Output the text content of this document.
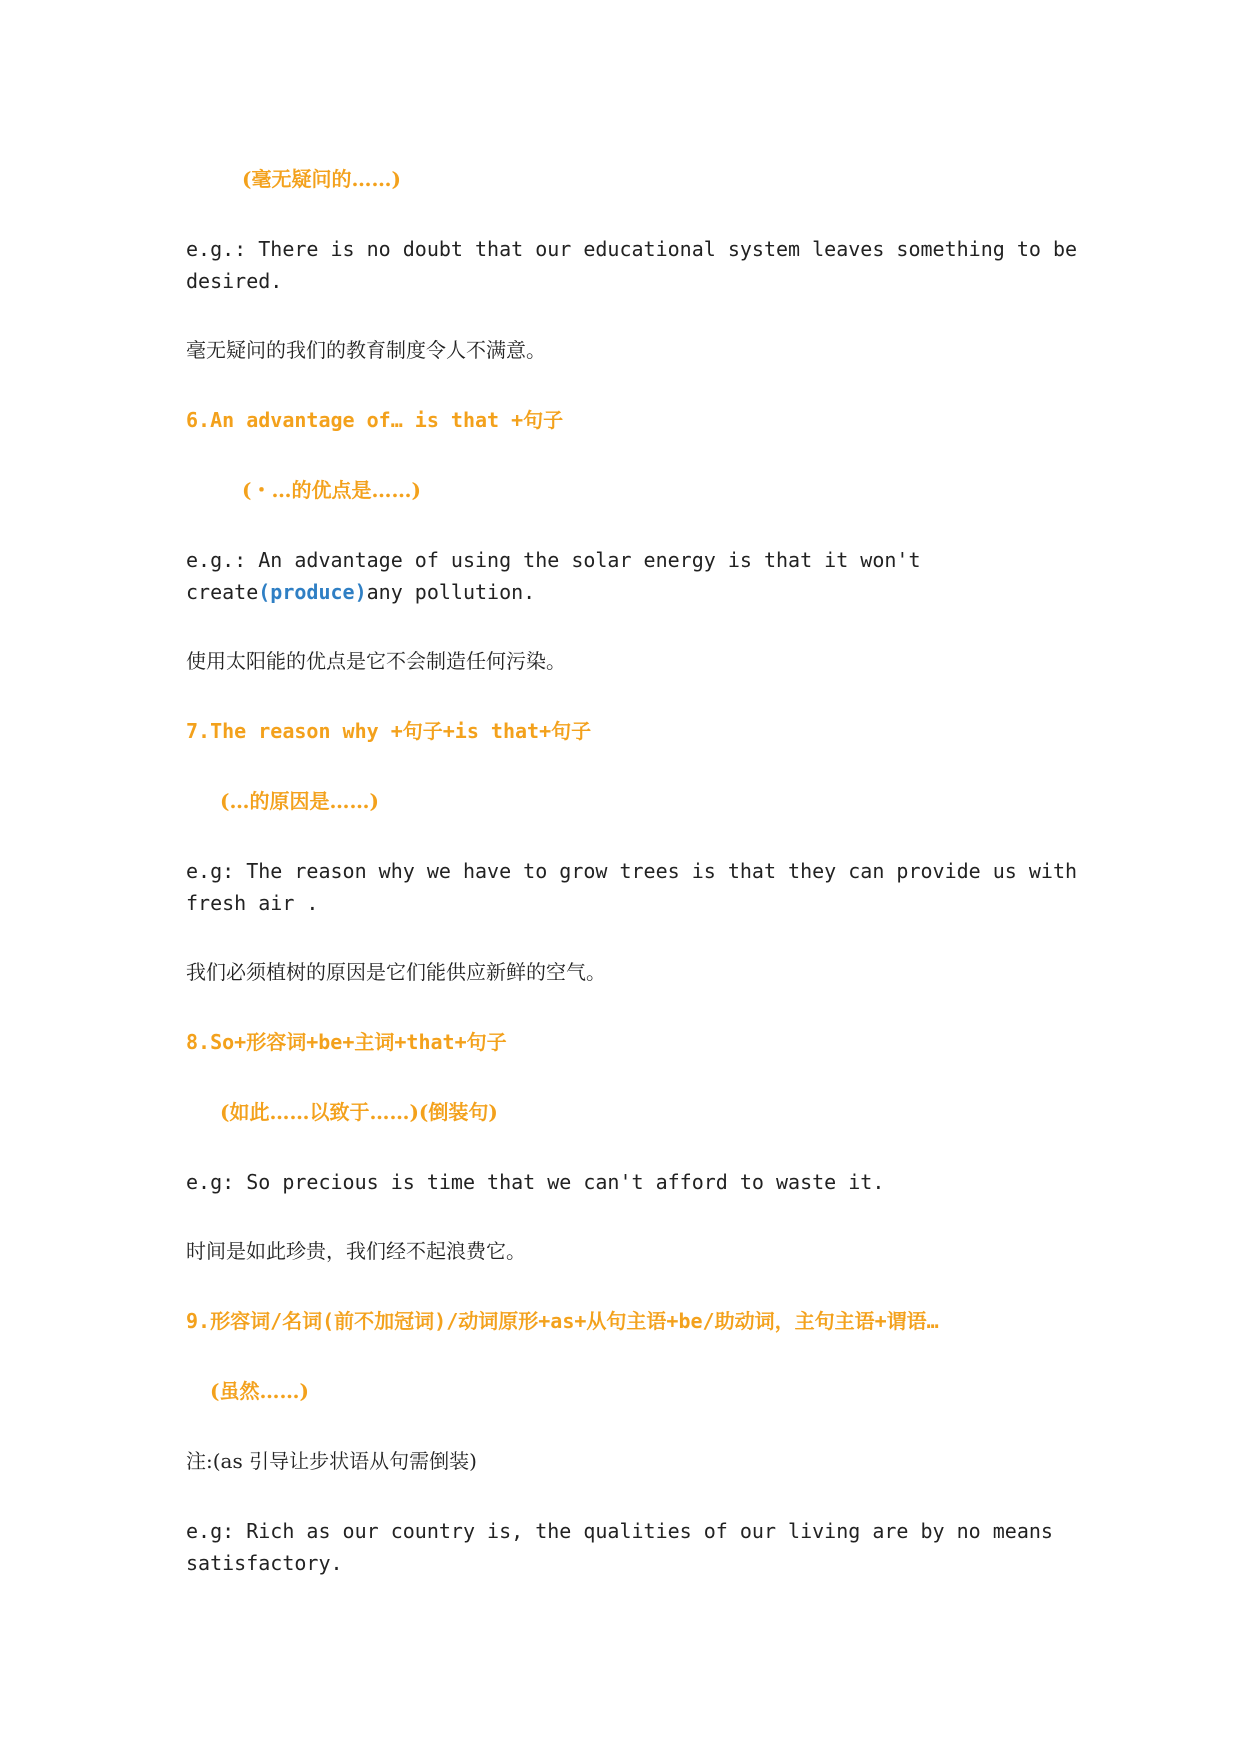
(毫无疑问的……)

e.g.: There is no doubt that our educational system leaves something to be

desired.

毫无疑问的我们的教育制度令人不满意。

6.An advantage of… is that +句子

(・…的优点是……)

e.g.: An advantage of using the solar energy is that it won't

create(produce)any pollution.

使用太阳能的优点是它不会制造任何污染。

7.The reason why +句子+is that+句子

(…的原因是……)

e.g: The reason why we have to grow trees is that they can provide us with

fresh air .

我们必须植树的原因是它们能供应新鲜的空气。

8.So+形容词+be+主词+that+句子

(如此……以致于……)(倒装句)

e.g: So precious is time that we can't afford to waste it.

时间是如此珍贵，我们经不起浪费它。

9.形容词/名词(前不加冠词)/动词原形+as+从句主语+be/助动词，主句主语+谓语…

(虽然……)

注:(as 引导让步状语从句需倒装)

e.g: Rich as our country is, the qualities of our living are by no means

satisfactory.
